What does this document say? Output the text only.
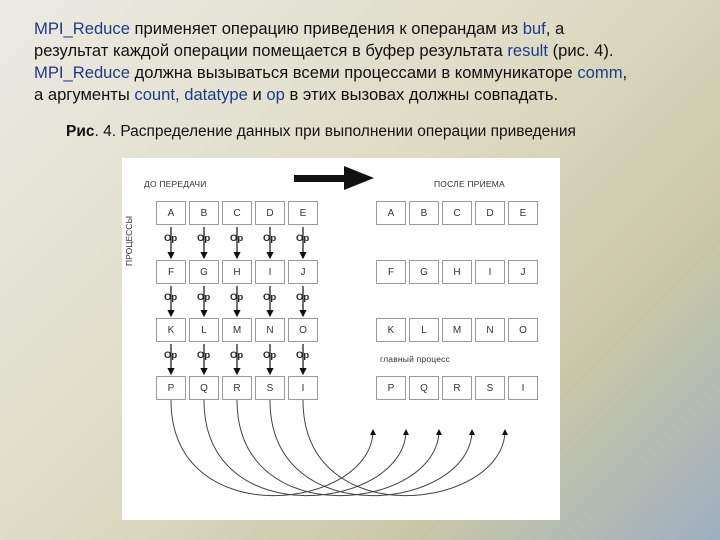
MPI_Reduce применяет операцию приведения к операндам из buf, а
результат каждой операции помещается в буфер результата result (рис. 4).
MPI_Reduce должна вызываться всеми процессами в коммуникаторе comm,
а аргументы count, datatype и op в этих вызовах должны совпадать.
Рис. 4. Распределение данных при выполнении операции приведения
ДО ПЕРЕДАЧИ	ПОСЛЕ ПРИЕМА
ПРОЦЕССЫ
главный процесс
A	B	C	D	E
F	G	H	I	J
K	L	M	N	O
P	Q	R	S	I
A	B	C	D	E
F	G	H	I	J
K	L	M	N	O
P	Q	R	S	I
Op Op Op Op Op
Op Op Op Op Op
Op Op Op Op Op
